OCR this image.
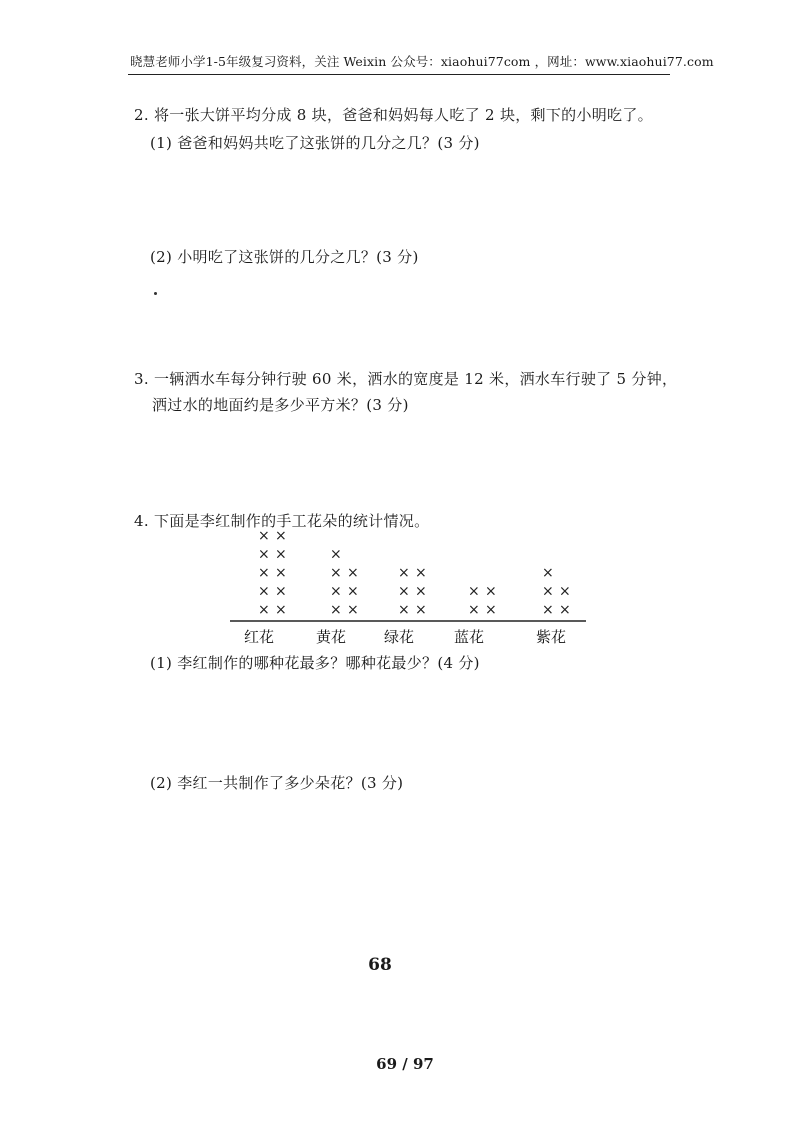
晓慧老师小学1-5年级复习资料，关注 Weixin 公众号：xiaohui77com ，网址：www.xiaohui77.com
2. 将一张大饼平均分成 8 块，爸爸和妈妈每人吃了 2 块，剩下的小明吃了。
(1) 爸爸和妈妈共吃了这张饼的几分之几？(3 分)
(2) 小明吃了这张饼的几分之几？(3 分)
3. 一辆洒水车每分钟行驶 60 米，洒水的宽度是 12 米，洒水车行驶了 5 分钟，
洒过水的地面约是多少平方米？(3 分)
4. 下面是李红制作的手工花朵的统计情况。
× ×
× ×
× ×
× ×
× ×
红花
× ×
× ×
× ×
×
黄花
× ×
× ×
× ×
绿花
× ×
× ×
蓝花
× ×
× ×
×
紫花
(1) 李红制作的哪种花最多？哪种花最少？(4 分)
(2) 李红一共制作了多少朵花？(3 分)
68
69 / 97
